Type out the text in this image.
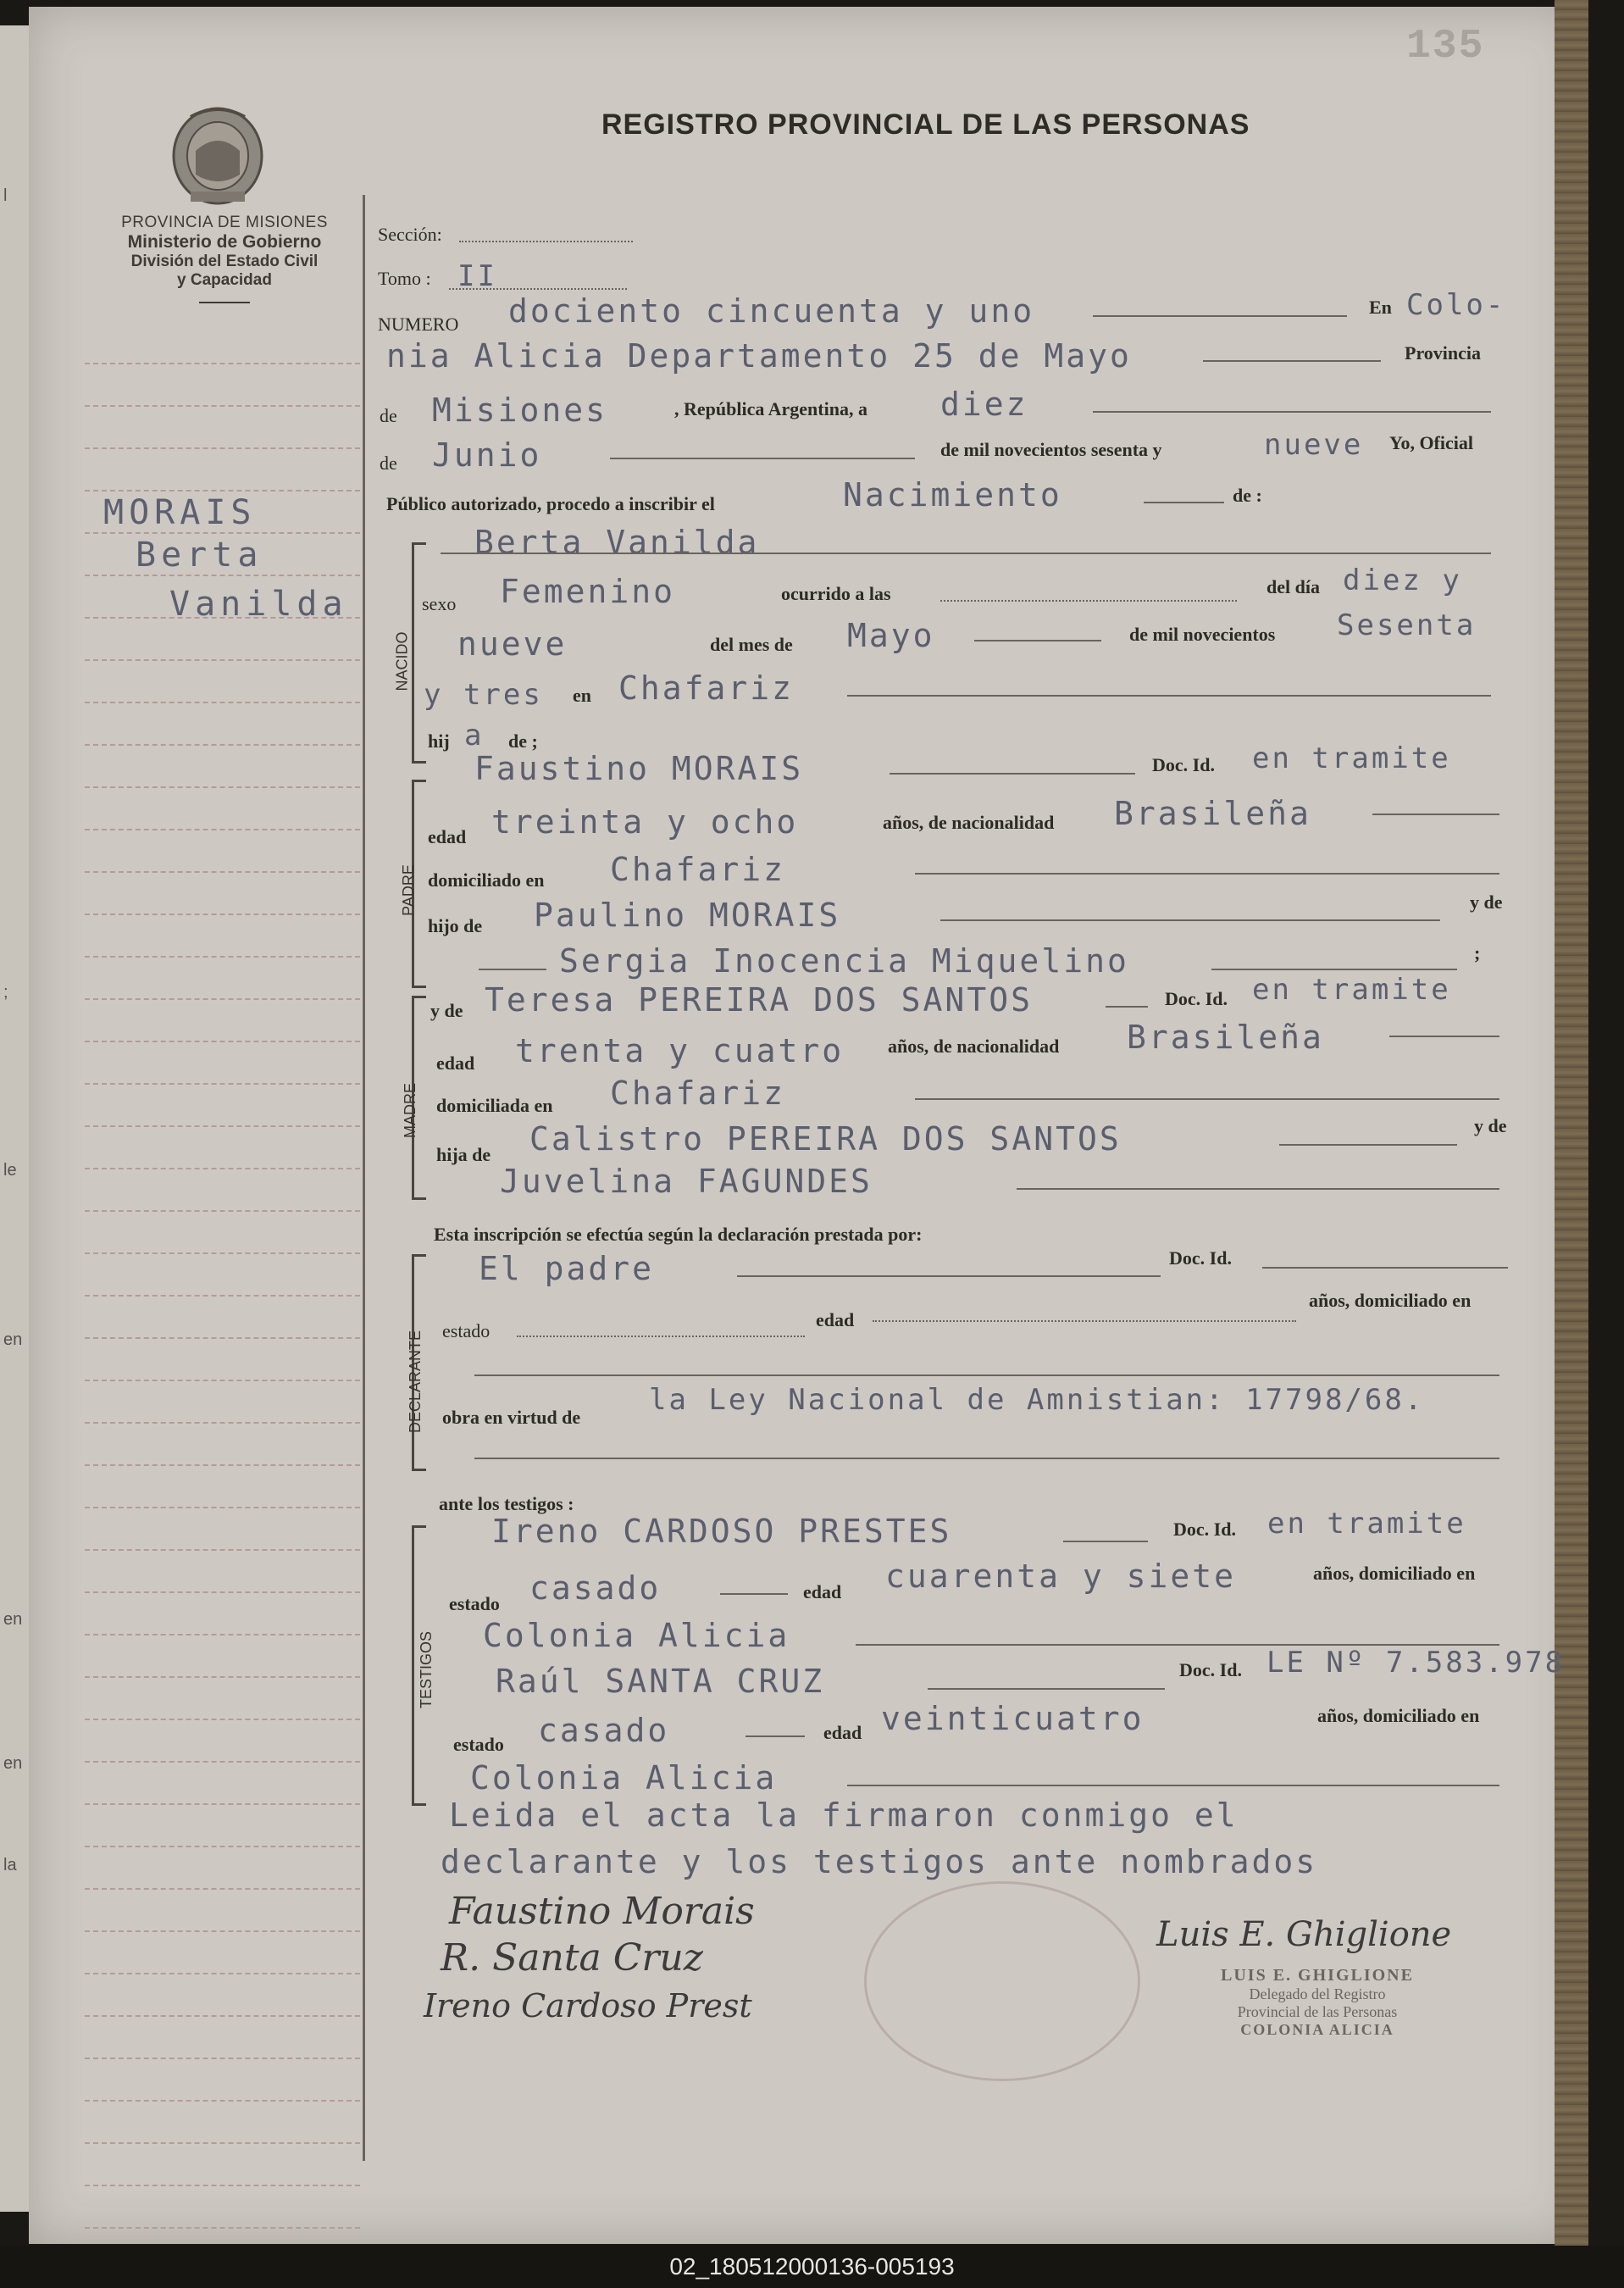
l
;
le
en
en
en
la
135
REGISTRO PROVINCIAL DE LAS PERSONAS
PROVINCIA DE MISIONES
Ministerio de Gobierno
División del Estado Civil
y Capacidad
MORAIS
Berta
Vanilda
Sección:
Tomo : II
NUMERO dociento cincuenta y uno	En Colo-
nia Alicia Departamento 25 de Mayo	Provincia
de Misiones	, República Argentina, a diez
de Junio	de mil novecientos sesenta y	nueve Yo, Oficial
Público autorizado, procedo a inscribir el	Nacimiento	de :
NACIDO
Berta Vanilda
sexo Femenino	ocurrido a las	del día diez y
nueve	del mes de Mayo	de mil novecientos Sesenta
y tres en Chafariz
hij a de ;
PADRE
Faustino MORAIS	Doc. Id. en tramite
edad treinta y ocho	años, de nacionalidad Brasileña
domiciliado en Chafariz
hijo de Paulino MORAIS	y de
Sergia Inocencia Miquelino	;
MADRE
y de Teresa PEREIRA DOS SANTOS	Doc. Id. en tramite
edad trenta y cuatro años, de nacionalidad Brasileña
domiciliada en Chafariz
hija de Calistro PEREIRA DOS SANTOS	y de
Juvelina FAGUNDES
Esta inscripción se efectúa según la declaración prestada por:
DECLARANTE
El padre	Doc. Id.
estado
edad
años, domiciliado en
obra en virtud de
la Ley Nacional de Amnistian: 17798/68.
ante los testigos :
TESTIGOS
Ireno CARDOSO PRESTES	Doc. Id. en tramite
estado casado	edad cuarenta y siete	años, domiciliado en
Colonia Alicia
Raúl SANTA CRUZ	Doc. Id. LE Nº 7.583.978
estado casado	edad veinticuatro	años, domiciliado en
Colonia Alicia
Leida el acta la firmaron conmigo el
declarante y los testigos ante nombrados
Faustino Morais
R. Santa Cruz
Ireno Cardoso Prest
Luis E. Ghiglione
LUIS E. GHIGLIONE
Delegado del Registro
Provincial de las Personas
COLONIA ALICIA
02_180512000136-005193
